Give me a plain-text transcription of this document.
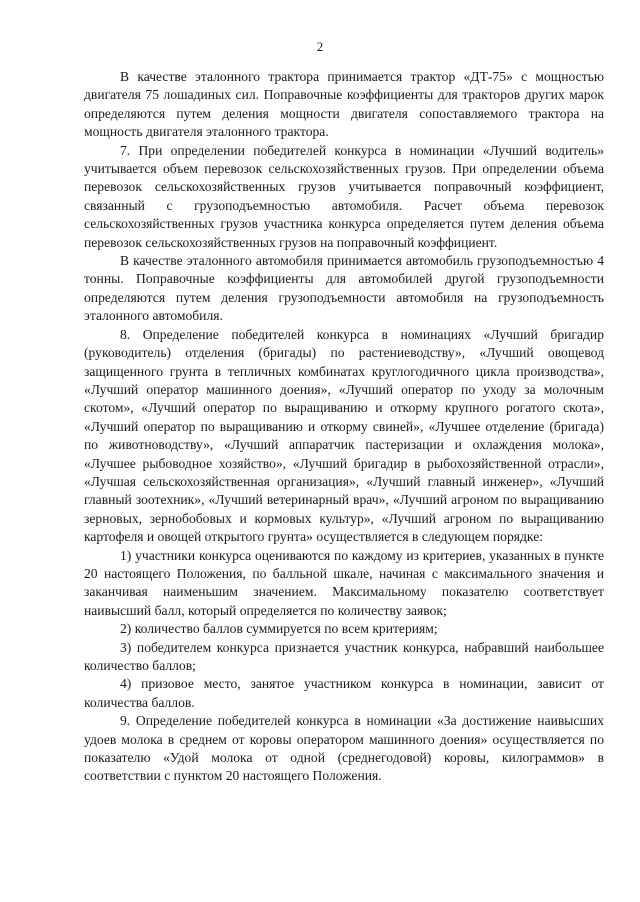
2

В качестве эталонного трактора принимается трактор «ДТ-75» с мощностью двигателя 75 лошадиных сил. Поправочные коэффициенты для тракторов других марок определяются путем деления мощности двигателя сопоставляемого трактора на мощность двигателя эталонного трактора.

7. При определении победителей конкурса в номинации «Лучший водитель» учитывается объем перевозок сельскохозяйственных грузов. При определении объема перевозок сельскохозяйственных грузов учитывается поправочный коэффициент, связанный с грузоподъемностью автомобиля. Расчет объема перевозок сельскохозяйственных грузов участника конкурса определяется путем деления объема перевозок сельскохозяйственных грузов на поправочный коэффициент.

В качестве эталонного автомобиля принимается автомобиль грузоподъемностью 4 тонны. Поправочные коэффициенты для автомобилей другой грузоподъемности определяются путем деления грузоподъемности автомобиля на грузоподъемность эталонного автомобиля.

8. Определение победителей конкурса в номинациях «Лучший бригадир (руководитель) отделения (бригады) по растениеводству», «Лучший овощевод защищенного грунта в тепличных комбинатах круглогодичного цикла производства», «Лучший оператор машинного доения», «Лучший оператор по уходу за молочным скотом», «Лучший оператор по выращиванию и откорму крупного рогатого скота», «Лучший оператор по выращиванию и откорму свиней», «Лучшее отделение (бригада) по животноводству», «Лучший аппаратчик пастеризации и охлаждения молока», «Лучшее рыбоводное хозяйство», «Лучший бригадир в рыбохозяйственной отрасли», «Лучшая сельскохозяйственная организация», «Лучший главный инженер», «Лучший главный зоотехник», «Лучший ветеринарный врач», «Лучший агроном по выращиванию зерновых, зернобобовых и кормовых культур», «Лучший агроном по выращиванию картофеля и овощей открытого грунта» осуществляется в следующем порядке:

1) участники конкурса оцениваются по каждому из критериев, указанных в пункте 20 настоящего Положения, по балльной шкале, начиная с максимального значения и заканчивая наименьшим значением. Максимальному показателю соответствует наивысший балл, который определяется по количеству заявок;

2) количество баллов суммируется по всем критериям;

3) победителем конкурса признается участник конкурса, набравший наибольшее количество баллов;

4) призовое место, занятое участником конкурса в номинации, зависит от количества баллов.

9. Определение победителей конкурса в номинации «За достижение наивысших удоев молока в среднем от коровы оператором машинного доения» осуществляется по показателю «Удой молока от одной (среднегодовой) коровы, килограммов» в соответствии с пунктом 20 настоящего Положения.
